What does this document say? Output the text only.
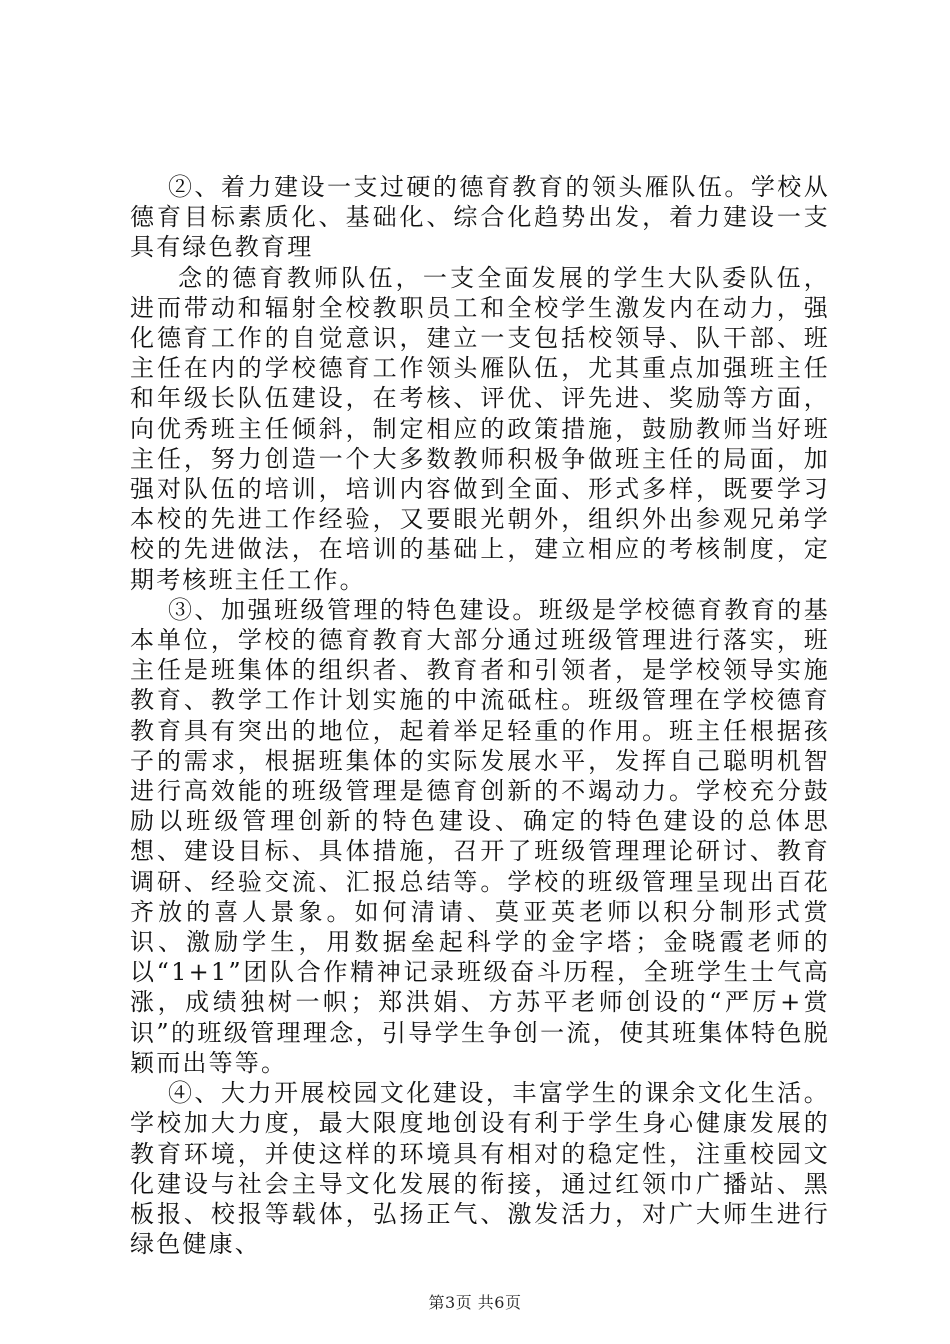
②、着力建设一支过硬的德育教育的领头雁队伍。学校从德育目标素质化、基础化、综合化趋势出发，着力建设一支具有绿色教育理

念的德育教师队伍，一支全面发展的学生大队委队伍，进而带动和辐射全校教职员工和全校学生激发内在动力，强化德育工作的自觉意识，建立一支包括校领导、队干部、班主任在内的学校德育工作领头雁队伍，尤其重点加强班主任和年级长队伍建设，在考核、评优、评先进、奖励等方面，向优秀班主任倾斜，制定相应的政策措施，鼓励教师当好班主任，努力创造一个大多数教师积极争做班主任的局面，加强对队伍的培训，培训内容做到全面、形式多样，既要学习本校的先进工作经验，又要眼光朝外，组织外出参观兄弟学校的先进做法，在培训的基础上，建立相应的考核制度，定期考核班主任工作。

③、加强班级管理的特色建设。班级是学校德育教育的基本单位，学校的德育教育大部分通过班级管理进行落实，班主任是班集体的组织者、教育者和引领者，是学校领导实施教育、教学工作计划实施的中流砥柱。班级管理在学校德育教育具有突出的地位，起着举足轻重的作用。班主任根据孩子的需求，根据班集体的实际发展水平，发挥自己聪明机智进行高效能的班级管理是德育创新的不竭动力。学校充分鼓励以班级管理创新的特色建设、确定的特色建设的总体思想、建设目标、具体措施，召开了班级管理理论研讨、教育调研、经验交流、汇报总结等。学校的班级管理呈现出百花齐放的喜人景象。如何清请、莫亚英老师以积分制形式赏识、激励学生，用数据垒起科学的金字塔；金晓霞老师的以“1+1”团队合作精神记录班级奋斗历程，全班学生士气高涨，成绩独树一帜；郑洪娟、方苏平老师创设的“严厉+赏识”的班级管理理念，引导学生争创一流，使其班集体特色脱颖而出等等。

④、大力开展校园文化建设，丰富学生的课余文化生活。学校加大力度，最大限度地创设有利于学生身心健康发展的教育环境，并使这样的环境具有相对的稳定性，注重校园文化建设与社会主导文化发展的衔接，通过红领巾广播站、黑板报、校报等载体，弘扬正气、激发活力，对广大师生进行绿色健康、

第3页 共6页
